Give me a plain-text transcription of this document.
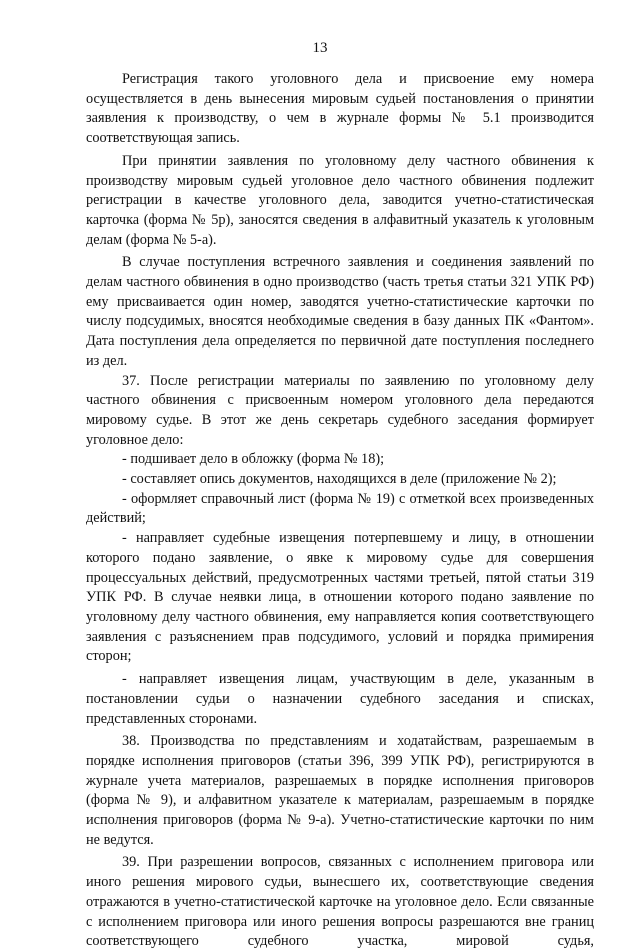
13

Регистрация такого уголовного дела и присвоение ему номера осуществляется в день вынесения мировым судьей постановления о принятии заявления к производству, о чем в журнале формы № 5.1 производится соответствующая запись.

При принятии заявления по уголовному делу частного обвинения к производству мировым судьей уголовное дело частного обвинения подлежит регистрации в качестве уголовного дела, заводится учетно-статистическая карточка (форма № 5р), заносятся сведения в алфавитный указатель к уголовным делам (форма № 5-а).

В случае поступления встречного заявления и соединения заявлений по делам частного обвинения в одно производство (часть третья статьи 321 УПК РФ) ему присваивается один номер, заводятся учетно-статистические карточки по числу подсудимых, вносятся необходимые сведения в базу данных ПК «Фантом». Дата поступления дела определяется по первичной дате поступления последнего из дел.

37. После регистрации материалы по заявлению по уголовному делу частного обвинения с присвоенным номером уголовного дела передаются мировому судье. В этот же день секретарь судебного заседания формирует уголовное дело:

- подшивает дело в обложку (форма № 18);

- составляет опись документов, находящихся в деле (приложение № 2);

- оформляет справочный лист (форма № 19) с отметкой всех произведенных действий;

- направляет судебные извещения потерпевшему и лицу, в отношении которого подано заявление, о явке к мировому судье для совершения процессуальных действий, предусмотренных частями третьей, пятой статьи 319 УПК РФ. В случае неявки лица, в отношении которого подано заявление по уголовному делу частного обвинения, ему направляется копия соответствующего заявления с разъяснением прав подсудимого, условий и порядка примирения сторон;

- направляет извещения лицам, участвующим в деле, указанным в постановлении судьи о назначении судебного заседания и списках, представленных сторонами.

38. Производства по представлениям и ходатайствам, разрешаемым в порядке исполнения приговоров (статьи 396, 399 УПК РФ), регистрируются в журнале учета материалов, разрешаемых в порядке исполнения приговоров (форма № 9), и алфавитном указателе к материалам, разрешаемым в порядке исполнения приговоров (форма № 9-а). Учетно-статистические карточки по ним не ведутся.

39. При разрешении вопросов, связанных с исполнением приговора или иного решения мирового судьи, вынесшего их, соответствующие сведения отражаются в учетно-статистической карточке на уголовное дело. Если связанные с исполнением приговора или иного решения вопросы разрешаются вне границ соответствующего судебного участка, мировой судья,
